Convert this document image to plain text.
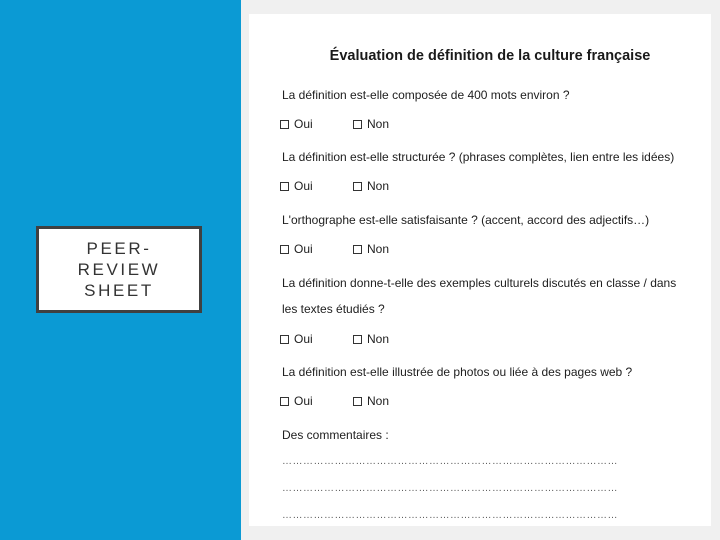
PEER-REVIEW SHEET
Évaluation de définition de la culture française
La définition est-elle composée de 400 mots environ ?
Oui	Non
La définition est-elle structurée ? (phrases complètes, lien entre les idées)
Oui	Non
L'orthographe est-elle satisfaisante ? (accent, accord des adjectifs…)
Oui	Non
La définition donne-t-elle des exemples culturels discutés en classe / dans les textes étudiés ?
Oui	Non
La définition est-elle illustrée de photos ou liée à des pages web ?
Oui	Non
Des commentaires :
……………………………………………………………………………………
……………………………………………………………………………………
……………………………………………………………………………………
